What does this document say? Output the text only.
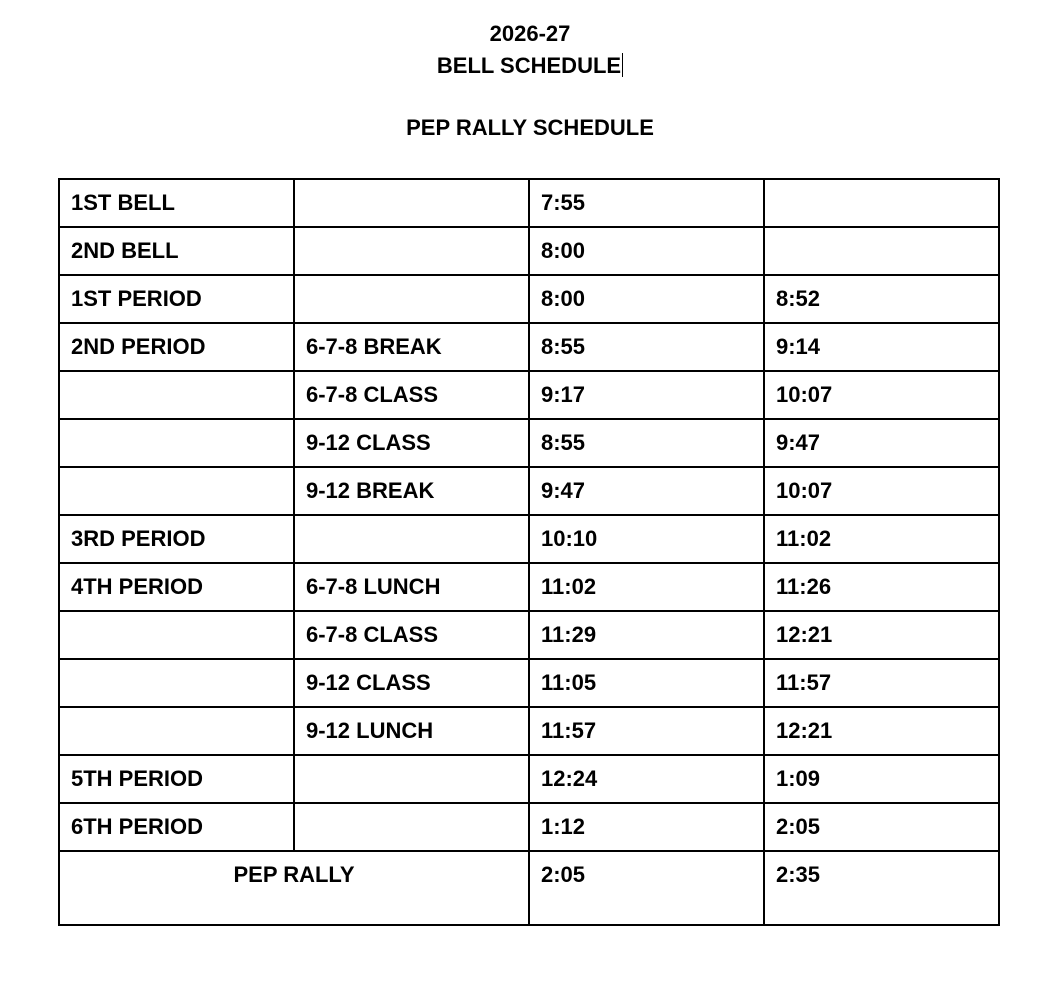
2026-27
BELL SCHEDULE
PEP RALLY SCHEDULE
1ST BELL		7:55	
2ND BELL		8:00	
1ST PERIOD		8:00	8:52
2ND PERIOD	6-7-8 BREAK	8:55	9:14
	6-7-8 CLASS	9:17	10:07
	9-12 CLASS	8:55	9:47
	9-12 BREAK	9:47	10:07
3RD PERIOD		10:10	11:02
4TH PERIOD	6-7-8 LUNCH	11:02	11:26
	6-7-8 CLASS	11:29	12:21
	9-12 CLASS	11:05	11:57
	9-12 LUNCH	11:57	12:21
5TH PERIOD		12:24	1:09
6TH PERIOD		1:12	2:05
PEP RALLY		2:05	2:35
